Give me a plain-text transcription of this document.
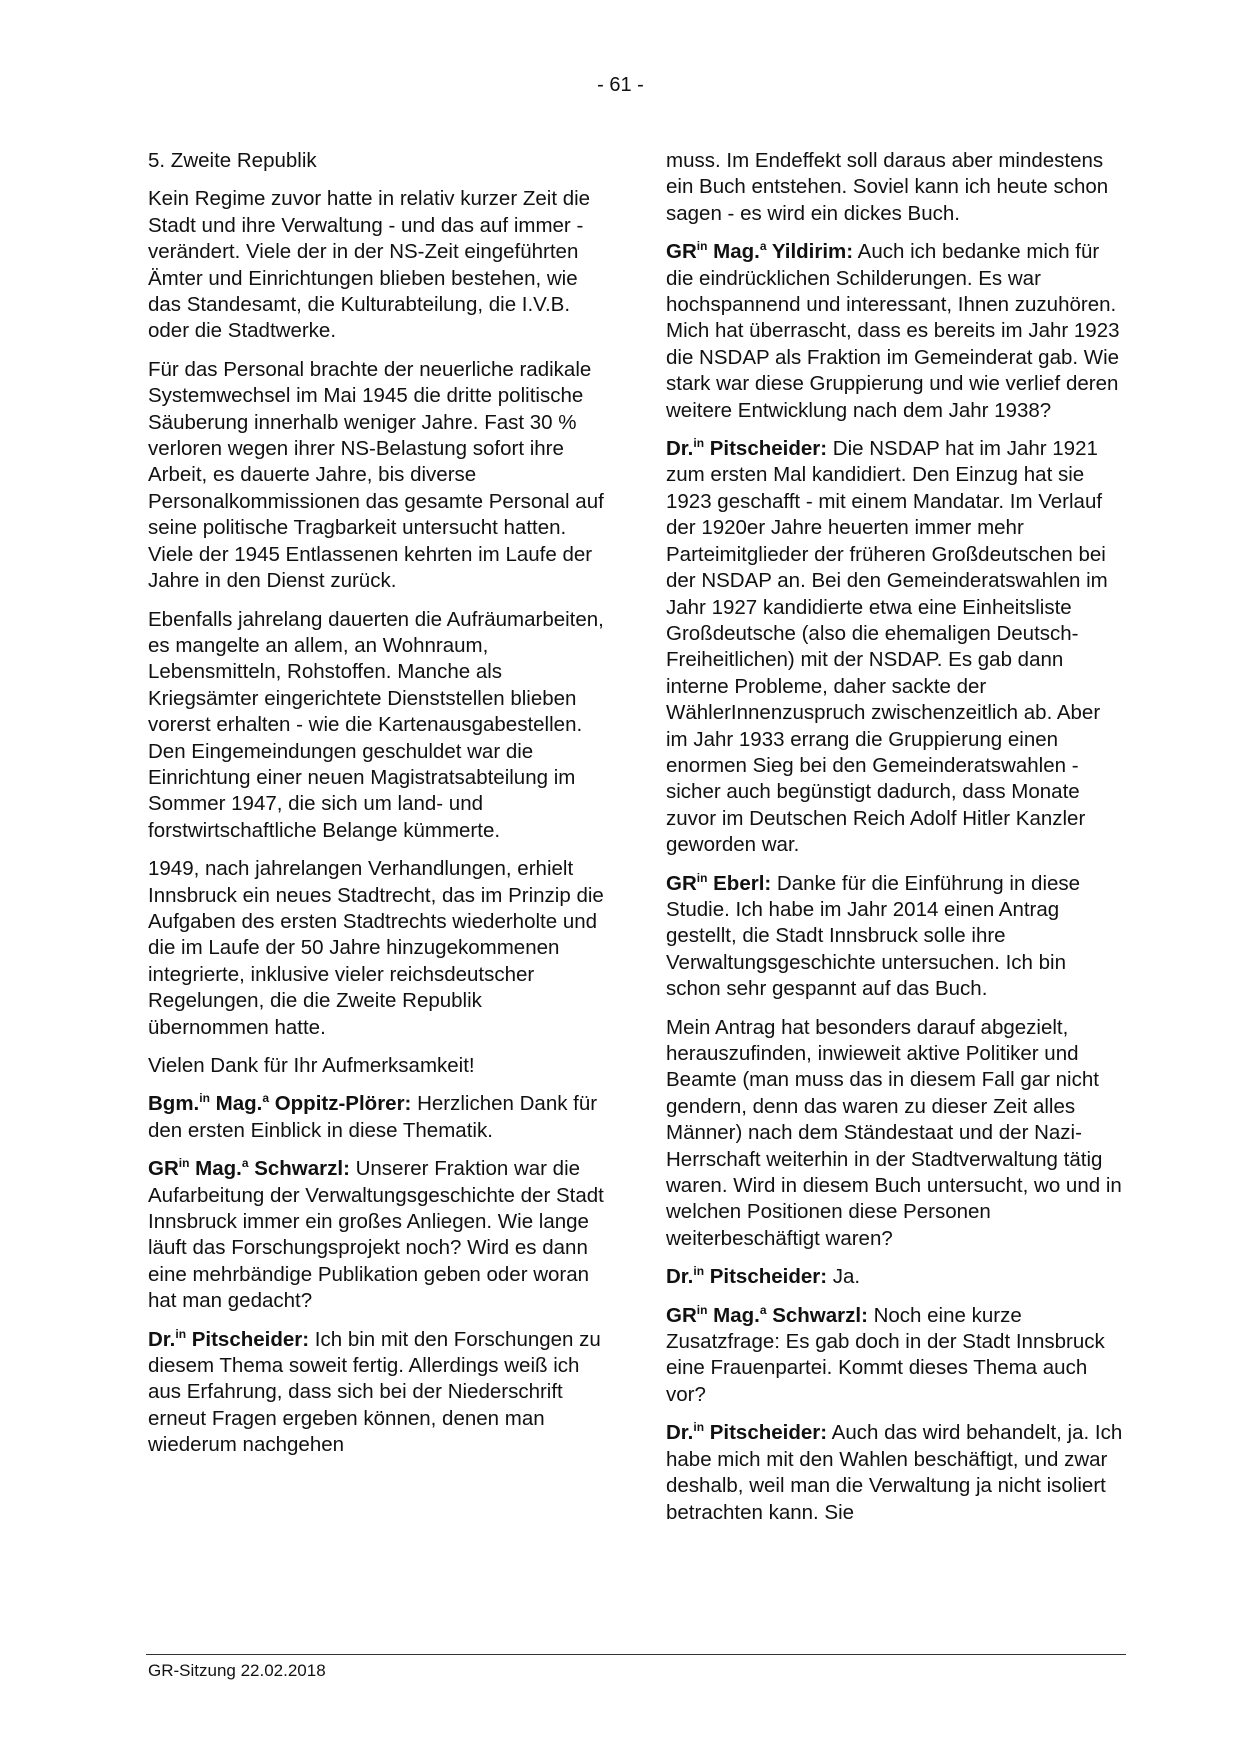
- 61 -

5. Zweite Republik

Kein Regime zuvor hatte in relativ kurzer Zeit die Stadt und ihre Verwaltung - und das auf immer - verändert. Viele der in der NS-Zeit eingeführten Ämter und Einrichtungen blieben bestehen, wie das Standesamt, die Kulturabteilung, die I.V.B. oder die Stadtwerke.

Für das Personal brachte der neuerliche radikale Systemwechsel im Mai 1945 die dritte politische Säuberung innerhalb weniger Jahre. Fast 30 % verloren wegen ihrer NS-Belastung sofort ihre Arbeit, es dauerte Jahre, bis diverse Personalkommissionen das gesamte Personal auf seine politische Tragbarkeit untersucht hatten. Viele der 1945 Entlassenen kehrten im Laufe der Jahre in den Dienst zurück.

Ebenfalls jahrelang dauerten die Aufräumarbeiten, es mangelte an allem, an Wohnraum, Lebensmitteln, Rohstoffen. Manche als Kriegsämter eingerichtete Dienststellen blieben vorerst erhalten - wie die Kartenausgabestellen. Den Eingemeindungen geschuldet war die Einrichtung einer neuen Magistratsabteilung im Sommer 1947, die sich um land- und forstwirtschaftliche Belange kümmerte.

1949, nach jahrelangen Verhandlungen, erhielt Innsbruck ein neues Stadtrecht, das im Prinzip die Aufgaben des ersten Stadtrechts wiederholte und die im Laufe der 50 Jahre hinzugekommenen integrierte, inklusive vieler reichsdeutscher Regelungen, die die Zweite Republik übernommen hatte.

Vielen Dank für Ihr Aufmerksamkeit!

Bgm.$^{in}$ Mag.$^a$ Oppitz-Plörer: Herzlichen Dank für den ersten Einblick in diese Thematik.

$GR^{in}$ Mag.$^a$ Schwarzl: Unserer Fraktion war die Aufarbeitung der Verwaltungsgeschichte der Stadt Innsbruck immer ein großes Anliegen. Wie lange läuft das Forschungsprojekt noch? Wird es dann eine mehrbändige Publikation geben oder woran hat man gedacht?

Dr.$^{in}$ Pitscheider: Ich bin mit den Forschungen zu diesem Thema soweit fertig. Allerdings weiß ich aus Erfahrung, dass sich bei der Niederschrift erneut Fragen ergeben können, denen man wiederum nachgehen

muss. Im Endeffekt soll daraus aber mindestens ein Buch entstehen. Soviel kann ich heute schon sagen - es wird ein dickes Buch.

$GR^{in}$ Mag.$^a$ Yildirim: Auch ich bedanke mich für die eindrücklichen Schilderungen. Es war hochspannend und interessant, Ihnen zuzuhören. Mich hat überrascht, dass es bereits im Jahr 1923 die NSDAP als Fraktion im Gemeinderat gab. Wie stark war diese Gruppierung und wie verlief deren weitere Entwicklung nach dem Jahr 1938?

Dr.$^{in}$ Pitscheider: Die NSDAP hat im Jahr 1921 zum ersten Mal kandidiert. Den Einzug hat sie 1923 geschafft - mit einem Mandatar. Im Verlauf der 1920er Jahre heuerten immer mehr Parteimitglieder der früheren Großdeutschen bei der NSDAP an. Bei den Gemeinderatswahlen im Jahr 1927 kandidierte etwa eine Einheitsliste Großdeutsche (also die ehemaligen Deutsch-Freiheitlichen) mit der NSDAP. Es gab dann interne Probleme, daher sackte der WählerInnenzuspruch zwischenzeitlich ab. Aber im Jahr 1933 errang die Gruppierung einen enormen Sieg bei den Gemeinderatswahlen - sicher auch begünstigt dadurch, dass Monate zuvor im Deutschen Reich Adolf Hitler Kanzler geworden war.

$GR^{in}$ Eberl: Danke für die Einführung in diese Studie. Ich habe im Jahr 2014 einen Antrag gestellt, die Stadt Innsbruck solle ihre Verwaltungsgeschichte untersuchen. Ich bin schon sehr gespannt auf das Buch.

Mein Antrag hat besonders darauf abgezielt, herauszufinden, inwieweit aktive Politiker und Beamte (man muss das in diesem Fall gar nicht gendern, denn das waren zu dieser Zeit alles Männer) nach dem Ständestaat und der Nazi-Herrschaft weiterhin in der Stadtverwaltung tätig waren. Wird in diesem Buch untersucht, wo und in welchen Positionen diese Personen weiterbeschäftigt waren?

Dr.$^{in}$ Pitscheider: Ja.

$GR^{in}$ Mag.$^a$ Schwarzl: Noch eine kurze Zusatzfrage: Es gab doch in der Stadt Innsbruck eine Frauenpartei. Kommt dieses Thema auch vor?

Dr.$^{in}$ Pitscheider: Auch das wird behandelt, ja. Ich habe mich mit den Wahlen beschäftigt, und zwar deshalb, weil man die Verwaltung ja nicht isoliert betrachten kann. Sie

GR-Sitzung 22.02.2018
